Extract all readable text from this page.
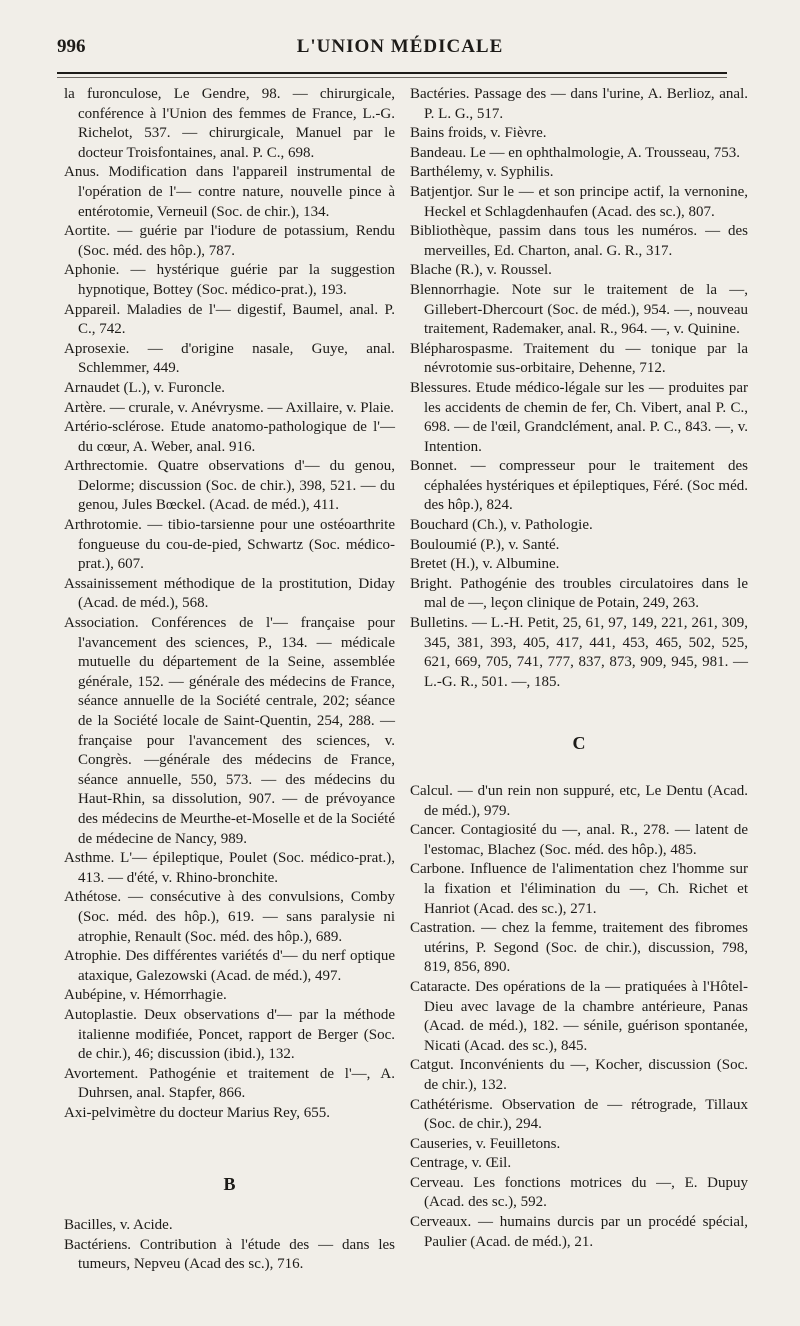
996	L'UNION MÉDICALE

la furonculose, Le Gendre, 98. — chirurgicale, conférence à l'Union des femmes de France, L.-G. Richelot, 537. — chirurgicale, Manuel par le docteur Troisfontaines, anal. P. C., 698.

Anus. Modification dans l'appareil instrumental de l'opération de l'— contre nature, nouvelle pince à entérotomie, Verneuil (Soc. de chir.), 134.

Aortite. — guérie par l'iodure de potassium, Rendu (Soc. méd. des hôp.), 787.

Aphonie. — hystérique guérie par la suggestion hypnotique, Bottey (Soc. médico-prat.), 193.

Appareil. Maladies de l'— digestif, Baumel, anal. P. C., 742.

Aprosexie. — d'origine nasale, Guye, anal. Schlemmer, 449.

Arnaudet (L.), v. Furoncle.

Artère. — crurale, v. Anévrysme. — Axillaire, v. Plaie.

Artério-sclérose. Etude anatomo-pathologique de l'— du cœur, A. Weber, anal. 916.

Arthrectomie. Quatre observations d'— du genou, Delorme; discussion (Soc. de chir.), 398, 521. — du genou, Jules Bœckel. (Acad. de méd.), 411.

Arthrotomie. — tibio-tarsienne pour une ostéoarthrite fongueuse du cou-de-pied, Schwartz (Soc. médico-prat.), 607.

Assainissement méthodique de la prostitution, Diday (Acad. de méd.), 568.

Association. Conférences de l'— française pour l'avancement des sciences, P., 134. — médicale mutuelle du département de la Seine, assemblée générale, 152. — générale des médecins de France, séance annuelle de la Société centrale, 202; séance de la Société locale de Saint-Quentin, 254, 288. — française pour l'avancement des sciences, v. Congrès. —générale des médecins de France, séance annuelle, 550, 573. — des médecins du Haut-Rhin, sa dissolution, 907. — de prévoyance des médecins de Meurthe-et-Moselle et de la Société de médecine de Nancy, 989.

Asthme. L'— épileptique, Poulet (Soc. médico-prat.), 413. — d'été, v. Rhino-bronchite.

Athétose. — consécutive à des convulsions, Comby (Soc. méd. des hôp.), 619. — sans paralysie ni atrophie, Renault (Soc. méd. des hôp.), 689.

Atrophie. Des différentes variétés d'— du nerf optique ataxique, Galezowski (Acad. de méd.), 497.

Aubépine, v. Hémorrhagie.

Autoplastie. Deux observations d'— par la méthode italienne modifiée, Poncet, rapport de Berger (Soc. de chir.), 46; discussion (ibid.), 132.

Avortement. Pathogénie et traitement de l'—, A. Duhrsen, anal. Stapfer, 866.

Axi-pelvimètre du docteur Marius Rey, 655.

B

Bacilles, v. Acide.

Bactériens. Contribution à l'étude des — dans les tumeurs, Nepveu (Acad des sc.), 716.

Bactéries. Passage des — dans l'urine, A. Berlioz, anal. P. L. G., 517.

Bains froids, v. Fièvre.

Bandeau. Le — en ophthalmologie, A. Trousseau, 753.

Barthélemy, v. Syphilis.

Batjentjor. Sur le — et son principe actif, la vernonine, Heckel et Schlagdenhaufen (Acad. des sc.), 807.

Bibliothèque, passim dans tous les numéros. — des merveilles, Ed. Charton, anal. G. R., 317.

Blache (R.), v. Roussel.

Blennorrhagie. Note sur le traitement de la —, Gillebert-Dhercourt (Soc. de méd.), 954. —, nouveau traitement, Rademaker, anal. R., 964. —, v. Quinine.

Blépharospasme. Traitement du — tonique par la névrotomie sus-orbitaire, Dehenne, 712.

Blessures. Etude médico-légale sur les — produites par les accidents de chemin de fer, Ch. Vibert, anal P. C., 698. — de l'œil, Grandclément, anal. P. C., 843. —, v. Intention.

Bonnet. — compresseur pour le traitement des céphalées hystériques et épileptiques, Féré. (Soc méd. des hôp.), 824.

Bouchard (Ch.), v. Pathologie.

Bouloumié (P.), v. Santé.

Bretet (H.), v. Albumine.

Bright. Pathogénie des troubles circulatoires dans le mal de —, leçon clinique de Potain, 249, 263.

Bulletins. — L.-H. Petit, 25, 61, 97, 149, 221, 261, 309, 345, 381, 393, 405, 417, 441, 453, 465, 502, 525, 621, 669, 705, 741, 777, 837, 873, 909, 945, 981. — L.-G. R., 501. —, 185.

C

Calcul. — d'un rein non suppuré, etc, Le Dentu (Acad. de méd.), 979.

Cancer. Contagiosité du —, anal. R., 278. — latent de l'estomac, Blachez (Soc. méd. des hôp.), 485.

Carbone. Influence de l'alimentation chez l'homme sur la fixation et l'élimination du —, Ch. Richet et Hanriot (Acad. des sc.), 271.

Castration. — chez la femme, traitement des fibromes utérins, P. Segond (Soc. de chir.), discussion, 798, 819, 856, 890.

Cataracte. Des opérations de la — pratiquées à l'Hôtel-Dieu avec lavage de la chambre antérieure, Panas (Acad. de méd.), 182. — sénile, guérison spontanée, Nicati (Acad. des sc.), 845.

Catgut. Inconvénients du —, Kocher, discussion (Soc. de chir.), 132.

Cathétérisme. Observation de — rétrograde, Tillaux (Soc. de chir.), 294.

Causeries, v. Feuilletons.

Centrage, v. Œil.

Cerveau. Les fonctions motrices du —, E. Dupuy (Acad. des sc.), 592.

Cerveaux. — humains durcis par un procédé spécial, Paulier (Acad. de méd.), 21.
